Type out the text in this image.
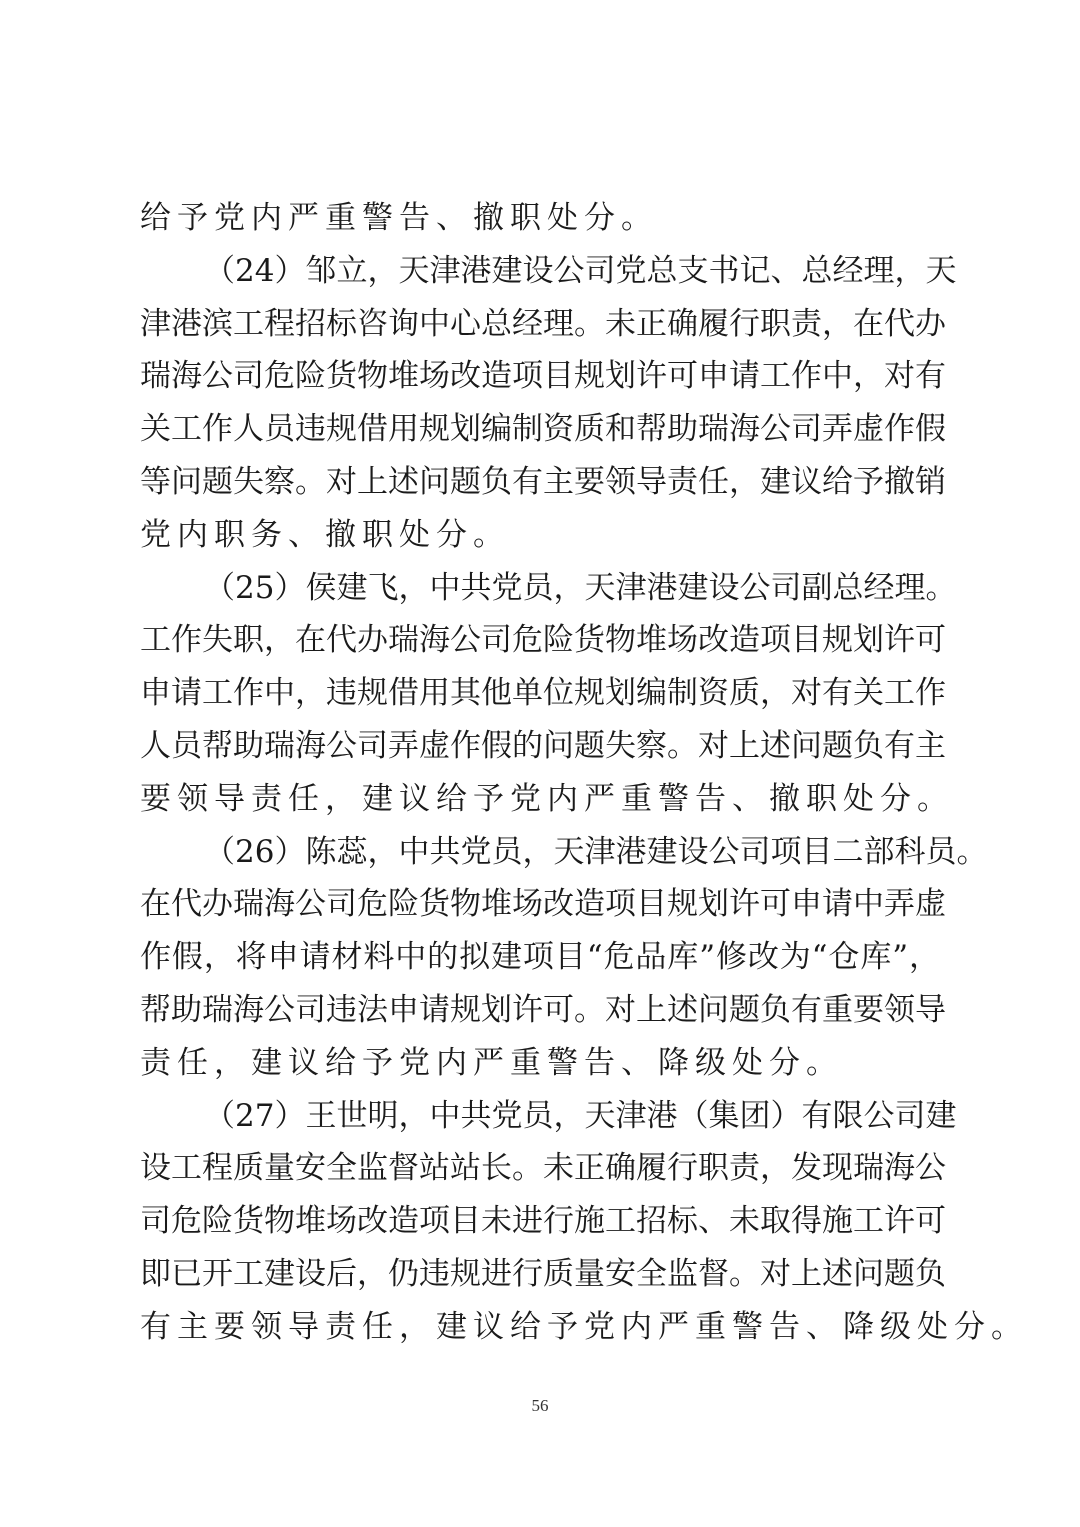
给予党内严重警告、撤职处分。
（24）邹立，天津港建设公司党总支书记、总经理，天
津港滨工程招标咨询中心总经理。未正确履行职责，在代办
瑞海公司危险货物堆场改造项目规划许可申请工作中，对有
关工作人员违规借用规划编制资质和帮助瑞海公司弄虚作假
等问题失察。对上述问题负有主要领导责任，建议给予撤销
党内职务、撤职处分。
（25）侯建飞，中共党员，天津港建设公司副总经理。
工作失职，在代办瑞海公司危险货物堆场改造项目规划许可
申请工作中，违规借用其他单位规划编制资质，对有关工作
人员帮助瑞海公司弄虚作假的问题失察。对上述问题负有主
要领导责任，建议给予党内严重警告、撤职处分。
（26）陈蕊，中共党员，天津港建设公司项目二部科员。
在代办瑞海公司危险货物堆场改造项目规划许可申请中弄虚
作假，将申请材料中的拟建项目“危品库”修改为“仓库”，
帮助瑞海公司违法申请规划许可。对上述问题负有重要领导
责任，建议给予党内严重警告、降级处分。
（27）王世明，中共党员，天津港（集团）有限公司建
设工程质量安全监督站站长。未正确履行职责，发现瑞海公
司危险货物堆场改造项目未进行施工招标、未取得施工许可
即已开工建设后，仍违规进行质量安全监督。对上述问题负
有主要领导责任，建议给予党内严重警告、降级处分。
56
